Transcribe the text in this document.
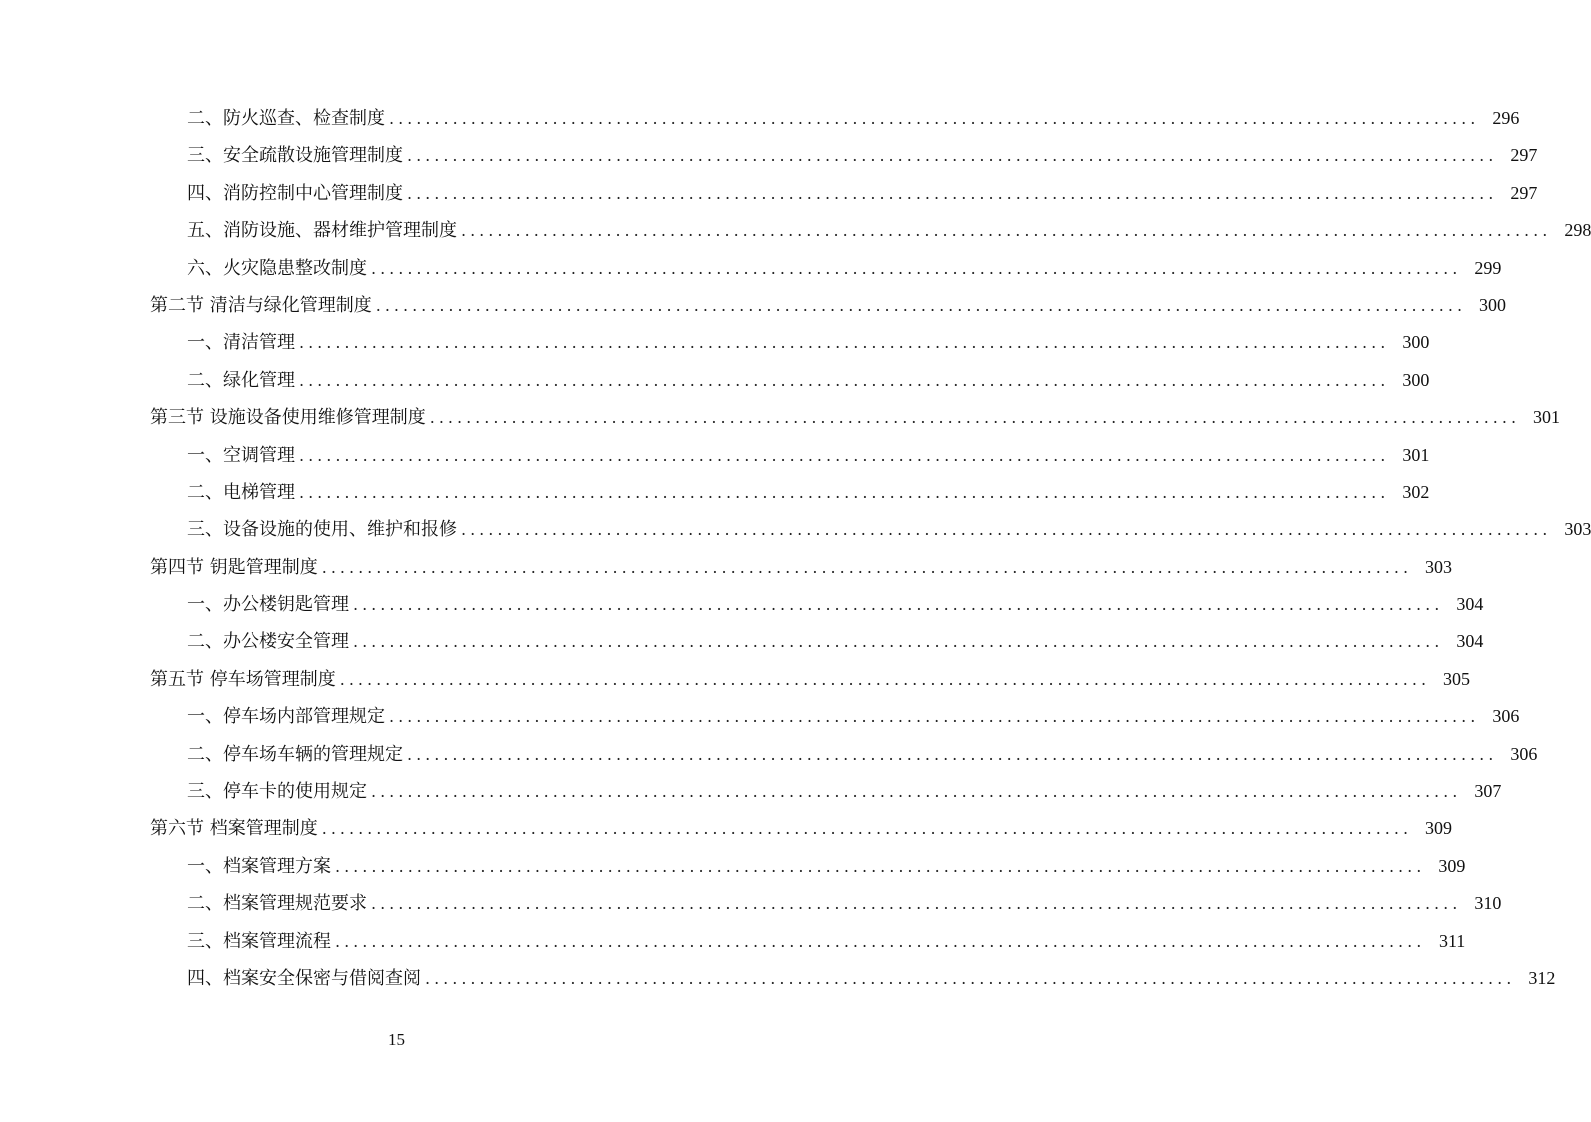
二、防火巡查、检查制度 ........................................................................................................................ 296
三、安全疏散设施管理制度 ........................................................................................................................ 297
四、消防控制中心管理制度 ........................................................................................................................ 297
五、消防设施、器材维护管理制度 ........................................................................................................................ 298
六、火灾隐患整改制度 ........................................................................................................................ 299
第二节 清洁与绿化管理制度 ........................................................................................................................ 300
一、清洁管理 ........................................................................................................................ 300
二、绿化管理 ........................................................................................................................ 300
第三节 设施设备使用维修管理制度 ........................................................................................................................ 301
一、空调管理 ........................................................................................................................ 301
二、电梯管理 ........................................................................................................................ 302
三、设备设施的使用、维护和报修 ........................................................................................................................ 303
第四节 钥匙管理制度 ........................................................................................................................ 303
一、办公楼钥匙管理 ........................................................................................................................ 304
二、办公楼安全管理 ........................................................................................................................ 304
第五节 停车场管理制度 ........................................................................................................................ 305
一、停车场内部管理规定 ........................................................................................................................ 306
二、停车场车辆的管理规定 ........................................................................................................................ 306
三、停车卡的使用规定 ........................................................................................................................ 307
第六节 档案管理制度 ........................................................................................................................ 309
一、档案管理方案 ........................................................................................................................ 309
二、档案管理规范要求 ........................................................................................................................ 310
三、档案管理流程 ........................................................................................................................ 311
四、档案安全保密与借阅查阅 ........................................................................................................................ 312
15
